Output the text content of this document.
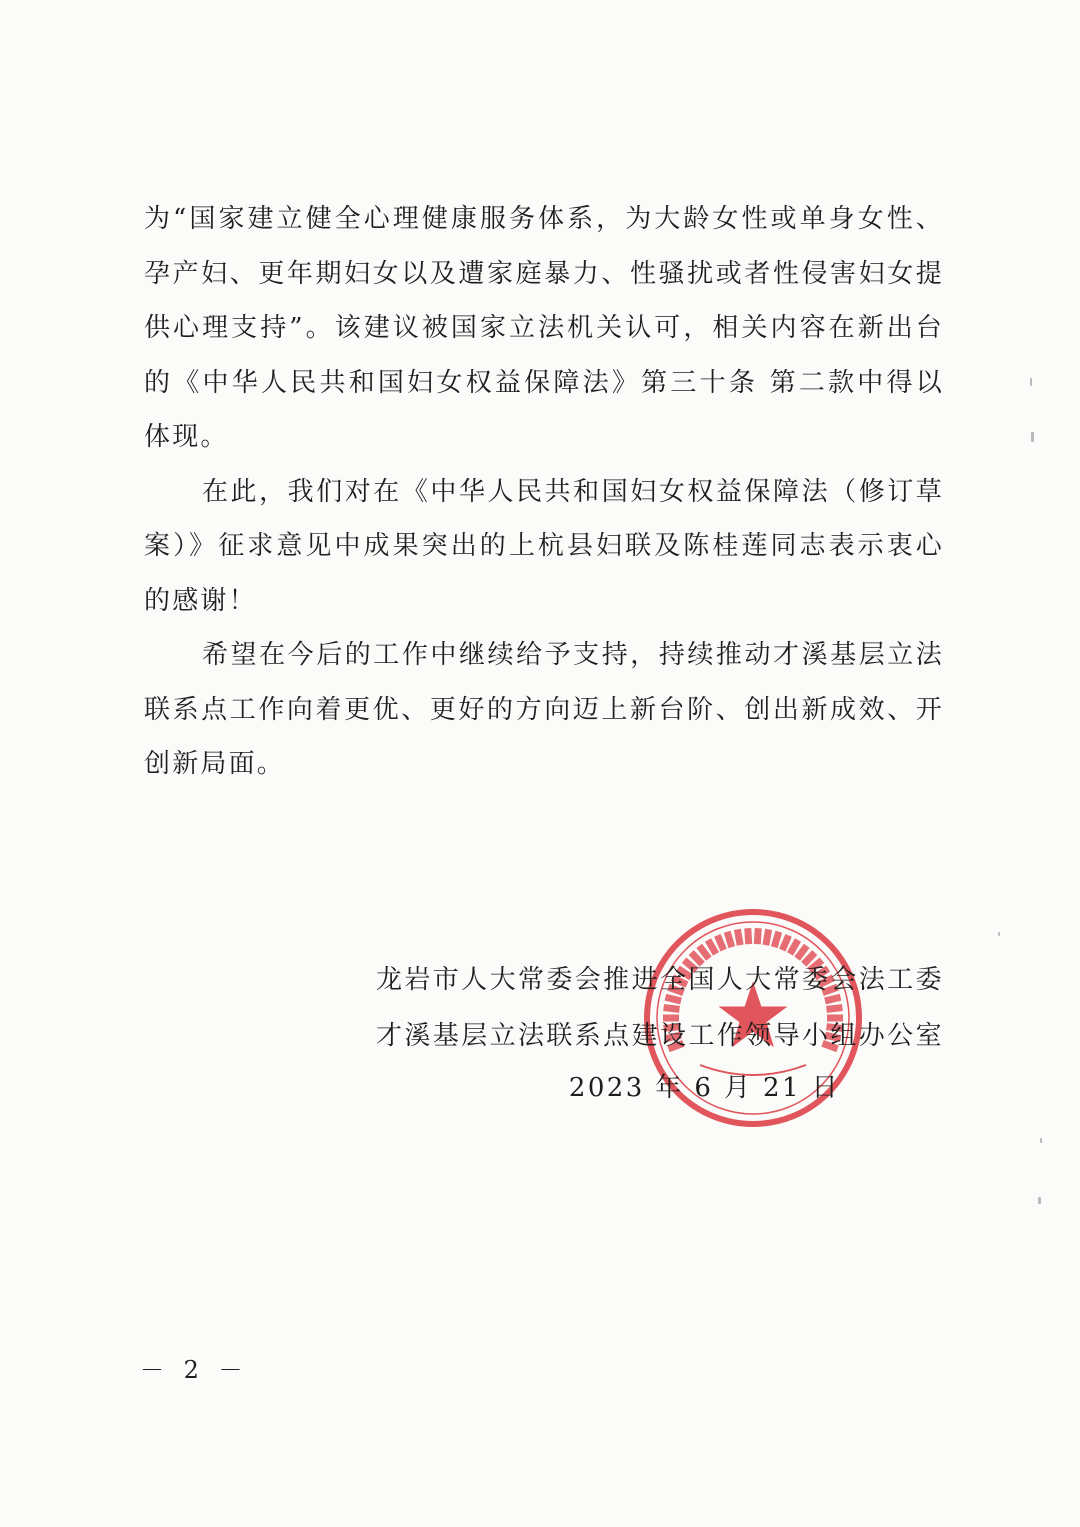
为“国家建立健全心理健康服务体系，为大龄女性或单身女性、
孕产妇、更年期妇女以及遭家庭暴力、性骚扰或者性侵害妇女提
供心理支持”。该建议被国家立法机关认可，相关内容在新出台
的《中华人民共和国妇女权益保障法》第三十条 第二款中得以
体现。
在此，我们对在《中华人民共和国妇女权益保障法（修订草
案）》征求意见中成果突出的上杭县妇联及陈桂莲同志表示衷心
的感谢！
希望在今后的工作中继续给予支持，持续推动才溪基层立法
联系点工作向着更优、更好的方向迈上新台阶、创出新成效、开
创新局面。
龙岩市人大常委会推进全国人大常委会法工委
才溪基层立法联系点建设工作领导小组办公室
2023 年 6 月 21 日
－ 2 －
